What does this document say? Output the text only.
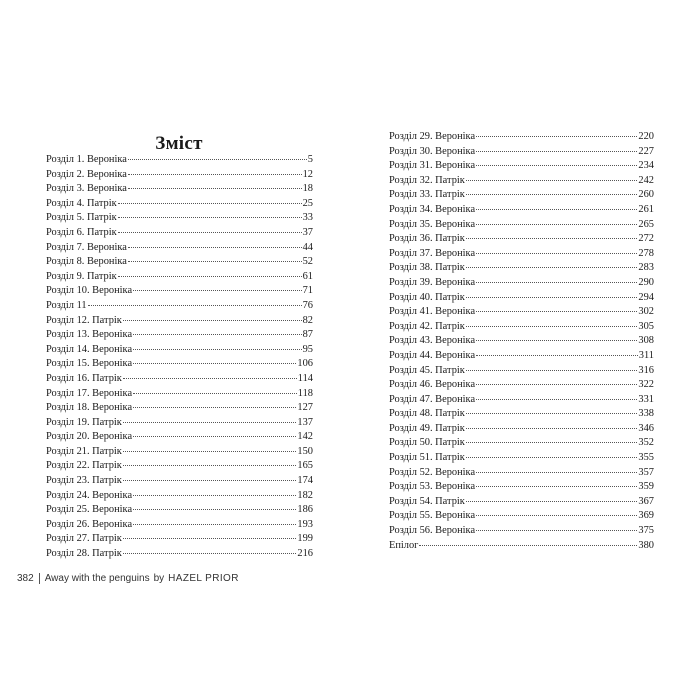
Зміст
Розділ 1. Вероніка	5
Розділ 2. Вероніка	12
Розділ 3. Вероніка	18
Розділ 4. Патрік	25
Розділ 5. Патрік	33
Розділ 6. Патрік	37
Розділ 7. Вероніка	44
Розділ 8. Вероніка	52
Розділ 9. Патрік	61
Розділ 10. Вероніка	71
Розділ 11	76
Розділ 12. Патрік	82
Розділ 13. Вероніка	87
Розділ 14. Вероніка	95
Розділ 15. Вероніка	106
Розділ 16. Патрік	114
Розділ 17. Вероніка	118
Розділ 18. Вероніка	127
Розділ 19. Патрік	137
Розділ 20. Вероніка	142
Розділ 21. Патрік	150
Розділ 22. Патрік	165
Розділ 23. Патрік	174
Розділ 24. Вероніка	182
Розділ 25. Вероніка	186
Розділ 26. Вероніка	193
Розділ 27. Патрік	199
Розділ 28. Патрік	216
Розділ 29. Вероніка	220
Розділ 30. Вероніка	227
Розділ 31. Вероніка	234
Розділ 32. Патрік	242
Розділ 33. Патрік	260
Розділ 34. Вероніка	261
Розділ 35. Вероніка	265
Розділ 36. Патрік	272
Розділ 37. Вероніка	278
Розділ 38. Патрік	283
Розділ 39. Вероніка	290
Розділ 40. Патрік	294
Розділ 41. Вероніка	302
Розділ 42. Патрік	305
Розділ 43. Вероніка	308
Розділ 44. Вероніка	311
Розділ 45. Патрік	316
Розділ 46. Вероніка	322
Розділ 47. Вероніка	331
Розділ 48. Патрік	338
Розділ 49. Патрік	346
Розділ 50. Патрік	352
Розділ 51. Патрік	355
Розділ 52. Вероніка	357
Розділ 53. Вероніка	359
Розділ 54. Патрік	367
Розділ 55. Вероніка	369
Розділ 56. Вероніка	375
Епілог	380
382 Away with the penguins by HAZEL PRIOR
